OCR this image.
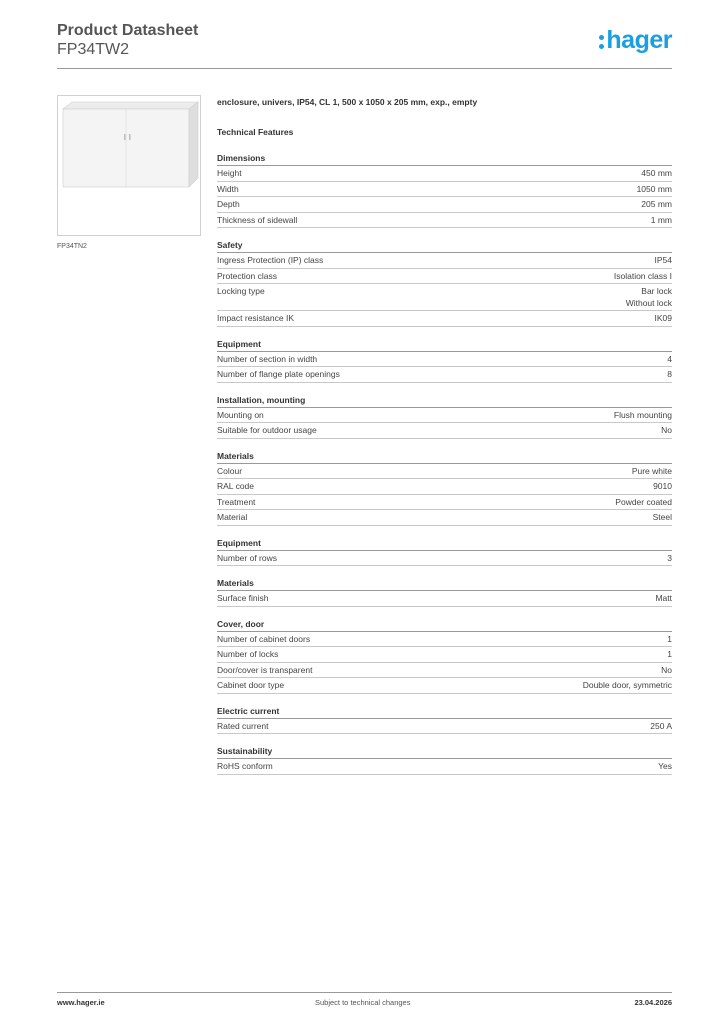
Product Datasheet
FP34TW2	hager
FP34TN2
enclosure, univers, IP54, CL 1, 500 x 1050 x 205 mm, exp., empty
Technical Features
Dimensions
Height	450 mm
Width	1050 mm
Depth	205 mm
Thickness of sidewall	1 mm
Safety
Ingress Protection (IP) class	IP54
Protection class	Isolation class I
Locking type	Bar lock
Without lock
Impact resistance IK	IK09
Equipment
Number of section in width	4
Number of flange plate openings	8
Installation, mounting
Mounting on	Flush mounting
Suitable for outdoor usage	No
Materials
Colour	Pure white
RAL code	9010
Treatment	Powder coated
Material	Steel
Equipment
Number of rows	3
Materials
Surface finish	Matt
Cover, door
Number of cabinet doors	1
Number of locks	1
Door/cover is transparent	No
Cabinet door type	Double door, symmetric
Electric current
Rated current	250 A
Sustainability
RoHS conform	Yes
www.hager.ie	Subject to technical changes	23.04.2026
